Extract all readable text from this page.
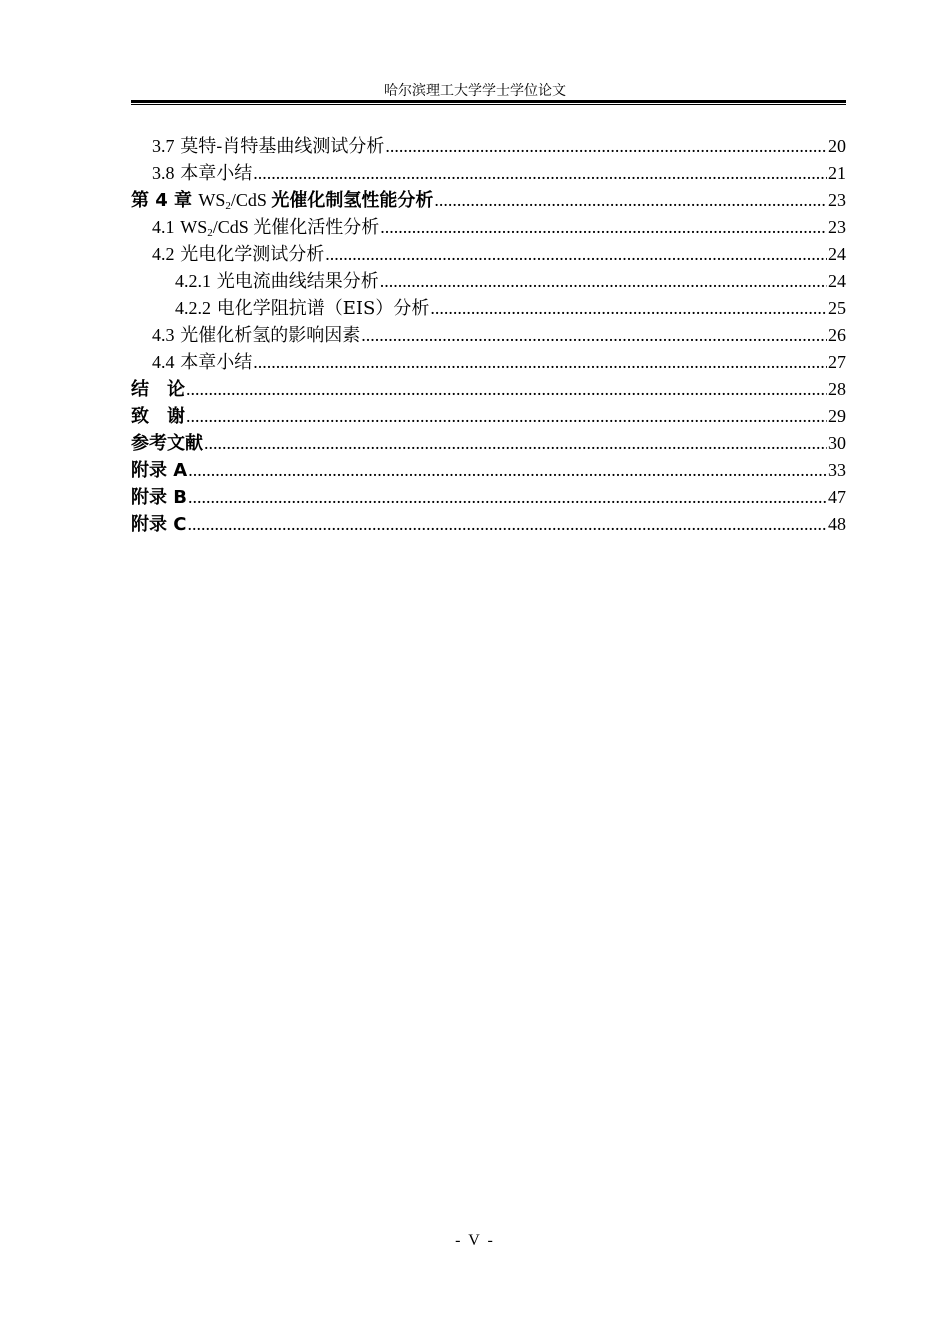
哈尔滨理工大学学士学位论文
3.7 莫特-肖特基曲线测试分析 .....	20
3.8 本章小结 .....	21
第 4 章 $WS_2$/CdS 光催化制氢性能分析 .....	23
4.1 $WS_2$/CdS 光催化活性分析 .....	23
4.2 光电化学测试分析 .....	24
4.2.1 光电流曲线结果分析 .....	24
4.2.2 电化学阻抗谱（EIS）分析 .....	25
4.3 光催化析氢的影响因素 .....	26
4.4 本章小结 .....	27
结　论 .....	28
致　谢 .....	29
参考文献 .....	30
附录 A .....	33
附录 B .....	47
附录 C .....	48
- V -
